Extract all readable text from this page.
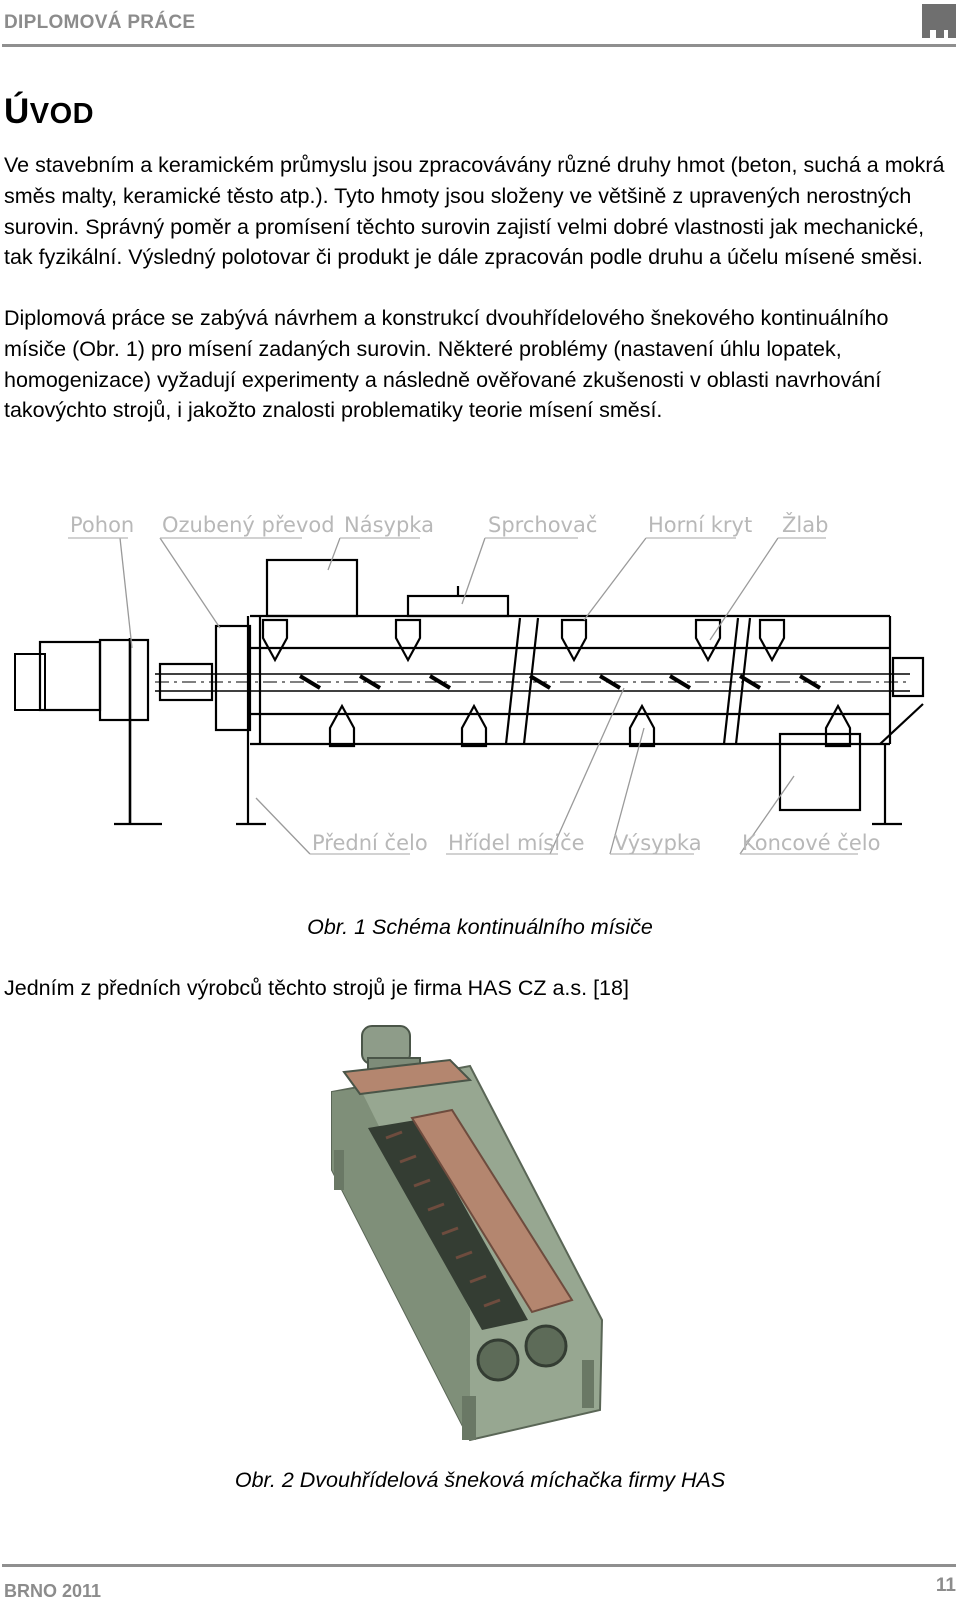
DIPLOMOVÁ PRÁCE
ÚVOD

Ve stavebním a keramickém průmyslu jsou zpracovávány různé druhy hmot (beton, suchá a mokrá směs malty, keramické těsto atp.). Tyto hmoty jsou složeny ve většině z upravených nerostných surovin. Správný poměr a promísení těchto surovin zajistí velmi dobré vlastnosti jak mechanické, tak fyzikální. Výsledný polotovar či produkt je dále zpracován podle druhu a účelu mísené směsi.

Diplomová práce se zabývá návrhem a konstrukcí dvouhřídelového šnekového kontinuálního mísiče (Obr. 1) pro mísení zadaných surovin. Některé problémy (nastavení úhlu lopatek, homogenizace) vyžadují experimenty a následně ověřované zkušenosti v oblasti navrhování takovýchto strojů, i jakožto znalosti problematiky teorie mísení směsí.

Pohon Ozubený převod Násypka	Sprchovač Horní kryt Žlab
Přední čelo Hřídel mísiče Výsypka Koncové čelo
Obr. 1 Schéma kontinuálního mísiče

Jedním z předních výrobců těchto strojů je firma HAS CZ a.s. [18]

Obr. 2 Dvouhřídelová šneková míchačka firmy HAS
BRNO 2011	11
